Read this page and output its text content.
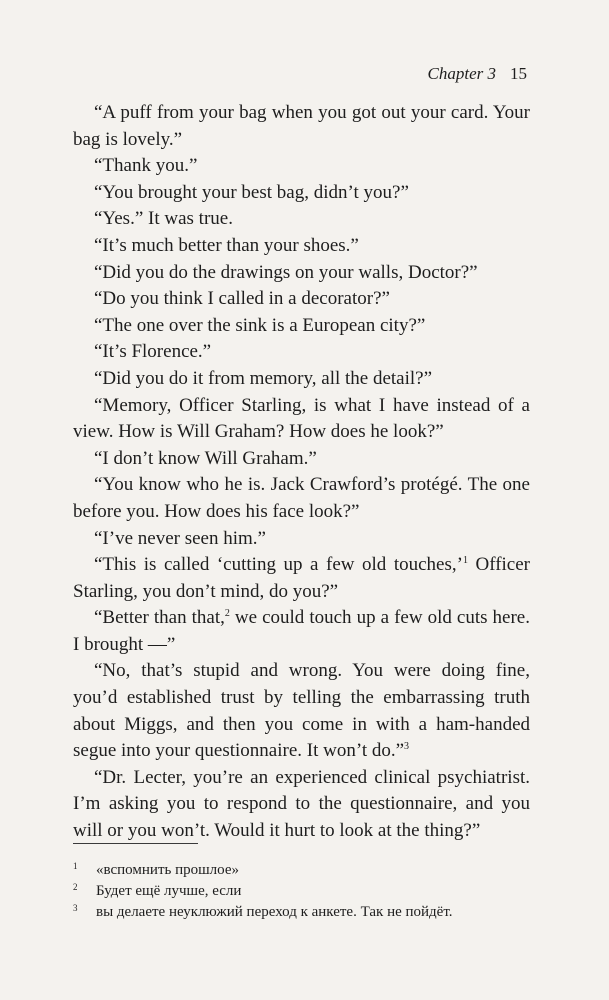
Chapter 3 15

“A puff from your bag when you got out your card. Your bag is lovely.”

“Thank you.”

“You brought your best bag, didn’t you?”

“Yes.” It was true.

“It’s much better than your shoes.”

“Did you do the drawings on your walls, Doctor?”

“Do you think I called in a decorator?”

“The one over the sink is a European city?”

“It’s Florence.”

“Did you do it from memory, all the detail?”

“Memory, Officer Starling, is what I have instead of a view. How is Will Graham? How does he look?”

“I don’t know Will Graham.”

“You know who he is. Jack Crawford’s protégé. The one before you. How does his face look?”

“I’ve never seen him.”

“This is called ‘cutting up a few old touches,’$^1$ Officer Starling, you don’t mind, do you?”

“Better than that,$^2$ we could touch up a few old cuts here. I brought —”

“No, that’s stupid and wrong. You were doing fine, you’d established trust by telling the embarrassing truth about Miggs, and then you come in with a ham-handed segue into your questionnaire. It won’t do.”$^3$

“Dr. Lecter, you’re an experienced clinical psychiatrist. I’m asking you to respond to the questionnaire, and you will or you won’t. Would it hurt to look at the thing?”

1 «вспомнить прошлое»
2 Будет ещё лучше, если
3 вы делаете неуклюжий переход к анкете. Так не пойдёт.
